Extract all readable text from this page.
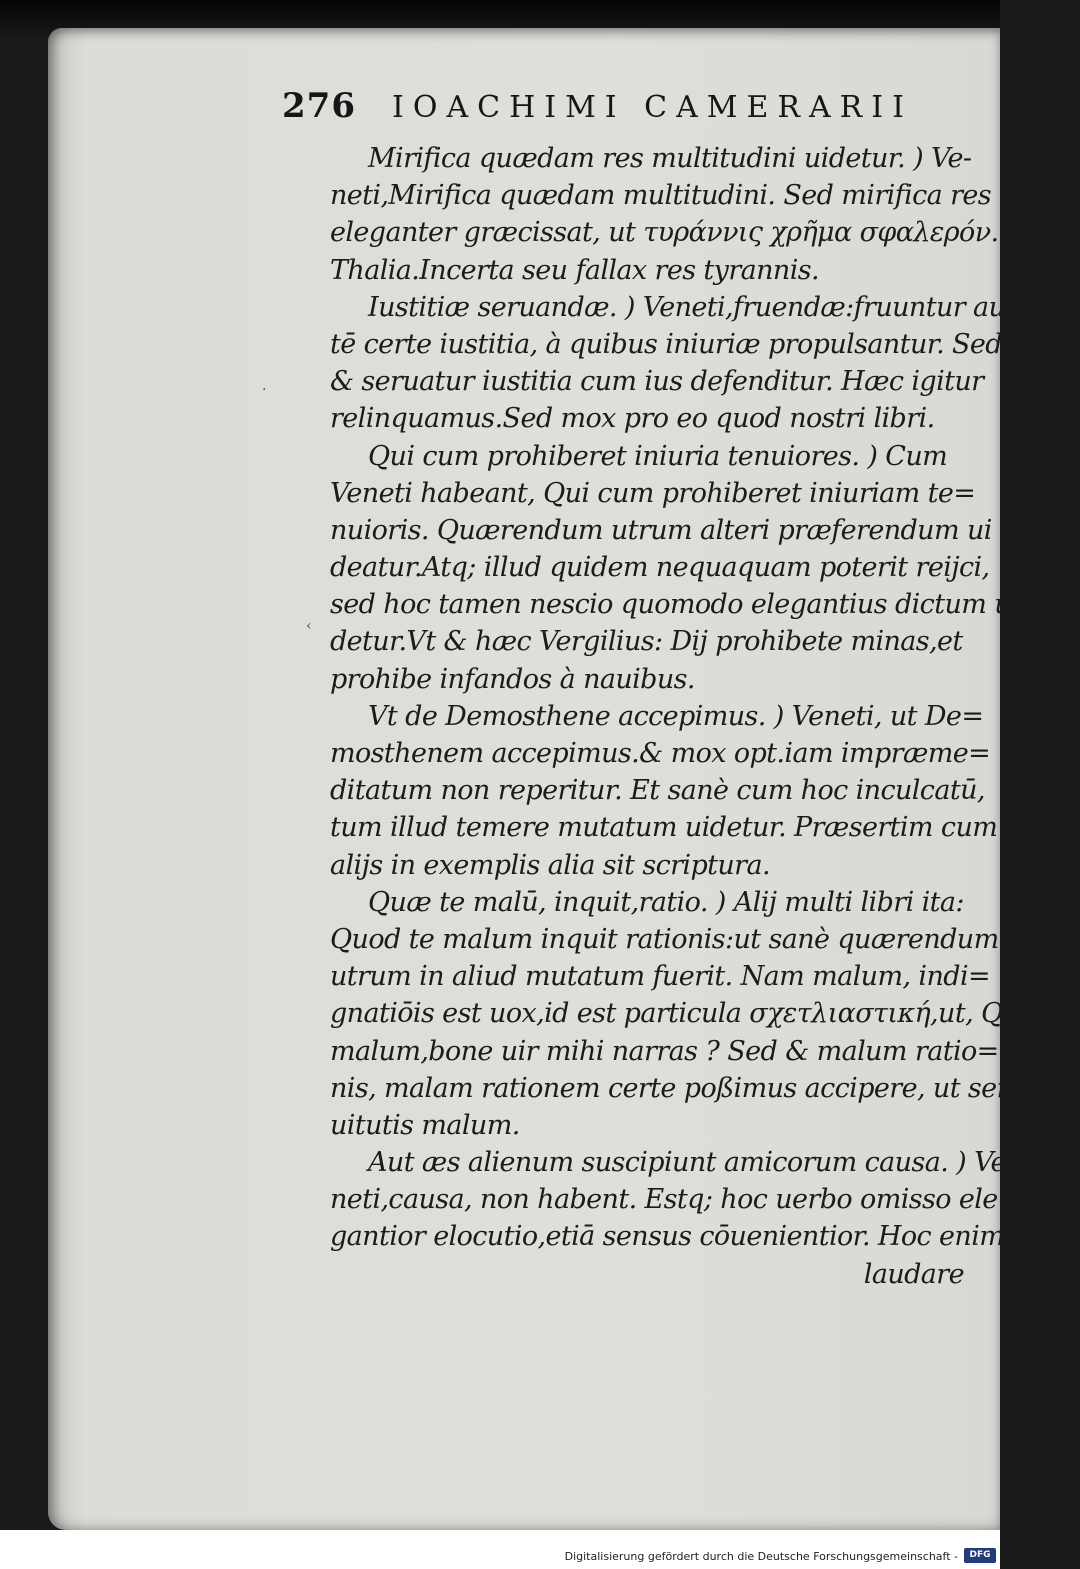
276 IOACHIMI CAMERARII
Mirifica quædam res multitudini uidetur. ) Ve-
neti,Mirifica quædam multitudini. Sed mirifica res
eleganter græcissat, ut τυράννις χρῆμα σφαλερόν. Hero.
Thalia.Incerta seu fallax res tyrannis.
Iustitiæ seruandæ. ) Veneti,fruendæ:fruuntur au
tē certe iustitia, à quibus iniuriæ propulsantur. Sed
& seruatur iustitia cum ius defenditur. Hæc igitur
relinquamus.Sed mox pro eo quod nostri libri.
Qui cum prohiberet iniuria tenuiores. ) Cum
Veneti habeant, Qui cum prohiberet iniuriam te=
nuioris. Quærendum utrum alteri præferendum ui
deatur.Atq; illud quidem nequaquam poterit reijci,
sed hoc tamen nescio quomodo elegantius dictum ui
detur.Vt & hæc Vergilius: Dij prohibete minas,et
prohibe infandos à nauibus.
Vt de Demosthene accepimus. ) Veneti, ut De=
mosthenem accepimus.& mox opt.iam impræme=
ditatum non reperitur. Et sanè cum hoc inculcatū,
tum illud temere mutatum uidetur. Præsertim cum
alijs in exemplis alia sit scriptura.
Quæ te malū, inquit,ratio. ) Alij multi libri ita:
Quod te malum inquit rationis:ut sanè quærendum
utrum in aliud mutatum fuerit. Nam malum, indi=
gnatiōis est uox,id est particula σχετλιαστική,ut, Quid,
malum,bone uir mihi narras ? Sed & malum ratio=
nis, malam rationem certe poßimus accipere, ut ser
uitutis malum.
Aut æs alienum suscipiunt amicorum causa. ) Ve
neti,causa, non habent. Estq; hoc uerbo omisso ele=
gantior elocutio,etiā sensus cōuenientior. Hoc enim
laudare
·
‹
Digitalisierung gefördert durch die Deutsche Forschungsgemeinschaft -	DFG
